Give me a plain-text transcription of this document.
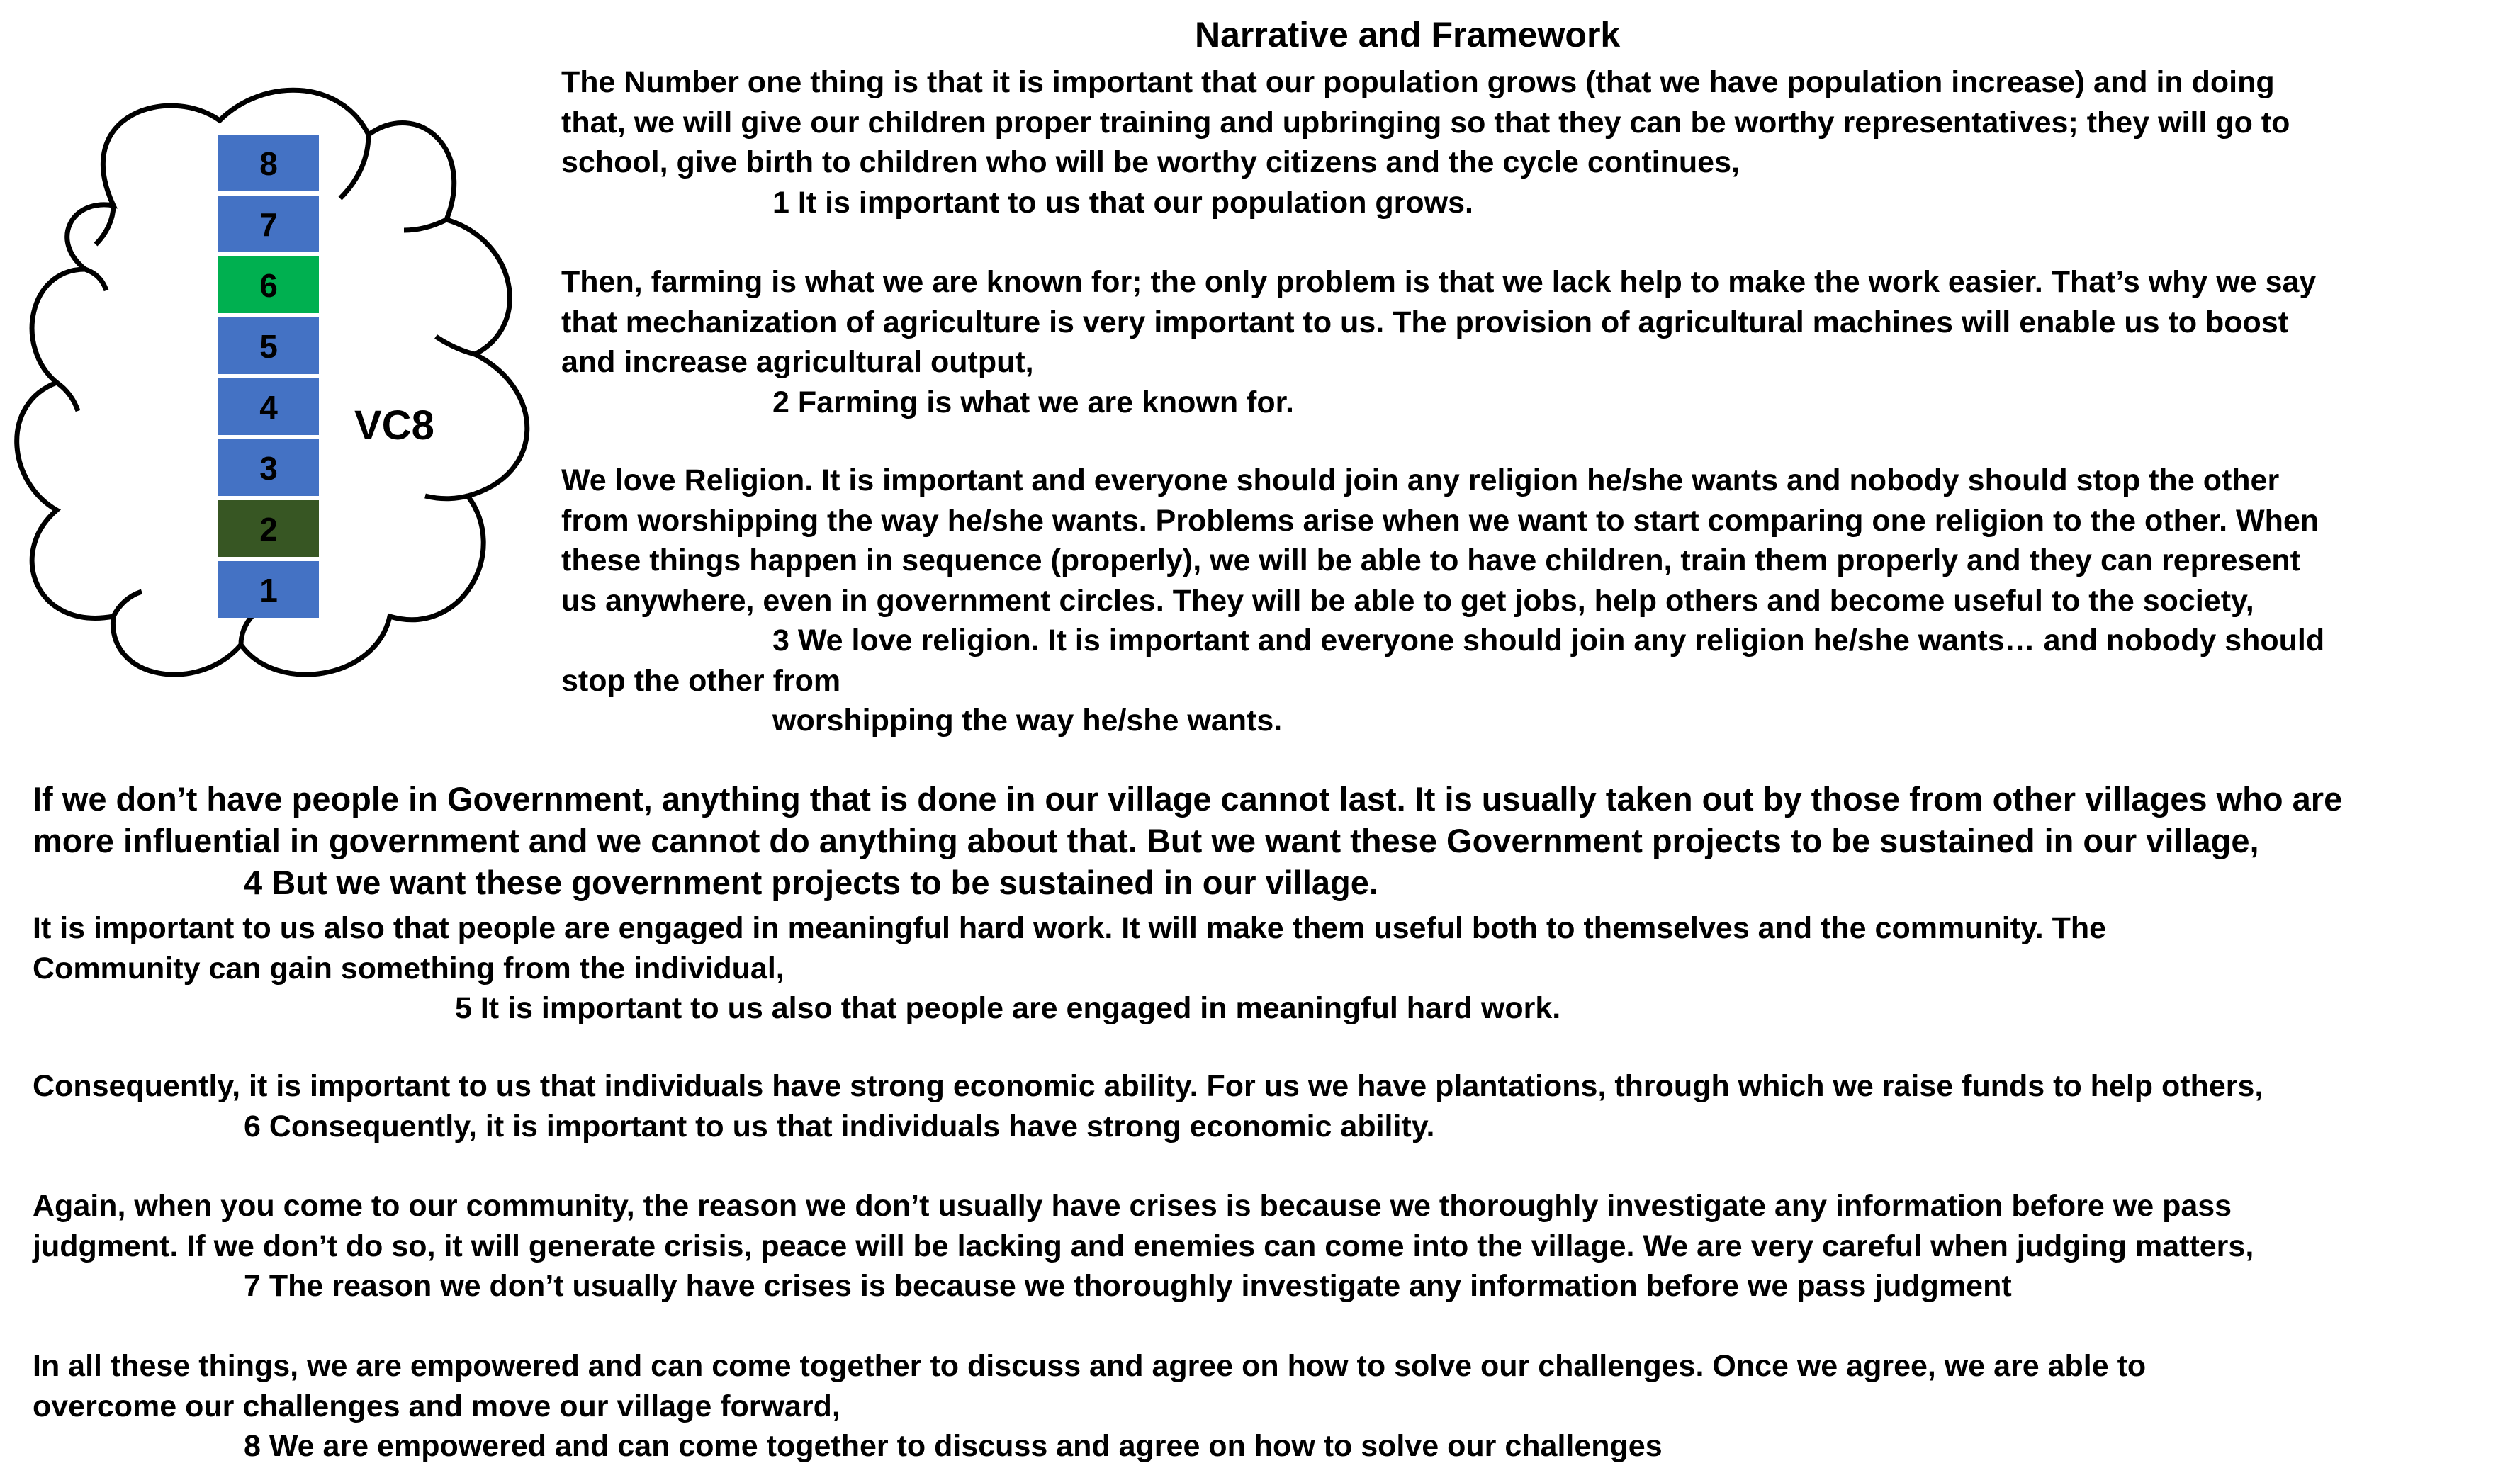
8
7
6
5
4
3
2
1
VC8
Narrative and Framework
The Number one thing is that it is important that our population grows (that we have population increase) and in doing
that, we will give our children proper training and upbringing so that they can be worthy representatives; they will go to
school, give birth to children who will be worthy citizens and the cycle continues,
1 It is important to us that our population grows.
Then, farming is what we are known for; the only problem is that we lack help to make the work easier. That’s why we say
that mechanization of agriculture is very important to us. The provision of agricultural machines will enable us to boost
and increase agricultural output,
2 Farming is what we are known for.
We love Religion. It is important and everyone should join any religion he/she wants and nobody should stop the other
from worshipping the way he/she wants. Problems arise when we want to start comparing one religion to the other. When
these things happen in sequence (properly), we will be able to have children, train them properly and they can represent
us anywhere, even in government circles. They will be able to get jobs, help others and become useful to the society,
3 We love religion. It is important and everyone should join any religion he/she wants… and nobody should
stop the other from
worshipping the way he/she wants.
If we don’t have people in Government, anything that is done in our village cannot last. It is usually taken out by those from other villages who are
more influential in government and we cannot do anything about that. But we want these Government projects to be sustained in our village,
4 But we want these government projects to be sustained in our village.
It is important to us also that people are engaged in meaningful hard work. It will make them useful both to themselves and the community. The
Community can gain something from the individual,
5 It is important to us also that people are engaged in meaningful hard work.
Consequently, it is important to us that individuals have strong economic ability. For us we have plantations, through which we raise funds to help others,
6 Consequently, it is important to us that individuals have strong economic ability.
Again, when you come to our community, the reason we don’t usually have crises is because we thoroughly investigate any information before we pass
judgment. If we don’t do so, it will generate crisis, peace will be lacking and enemies can come into the village. We are very careful when judging matters,
7 The reason we don’t usually have crises is because we thoroughly investigate any information before we pass judgment
In all these things, we are empowered and can come together to discuss and agree on how to solve our challenges. Once we agree, we are able to
overcome our challenges and move our village forward,
8 We are empowered and can come together to discuss and agree on how to solve our challenges
